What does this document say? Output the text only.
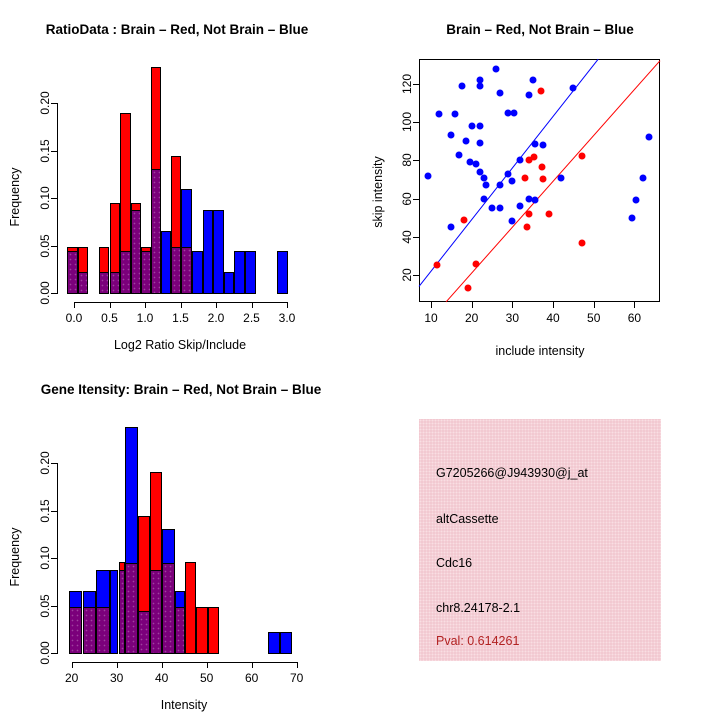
RatioData : Brain – Red, Not Brain – Blue
Log2 Ratio Skip/Include
Frequency
0.0 0.5 1.0 1.5 2.0 2.5 3.0
0.00
0.05
0.10
0.15
0.20
Brain – Red, Not Brain – Blue
include intensity
skip intensity
10 20 30 40 50 60
20
40
60
80
100
120
Gene Itensity: Brain – Red, Not Brain – Blue
Intensity
Frequency
20	30	40	50	60	70
0.00
0.05
0.10
0.15
0.20	G7205266@J943930@j_at
altCassette
Cdc16
chr8.24178-2.1
Pval: 0.614261
